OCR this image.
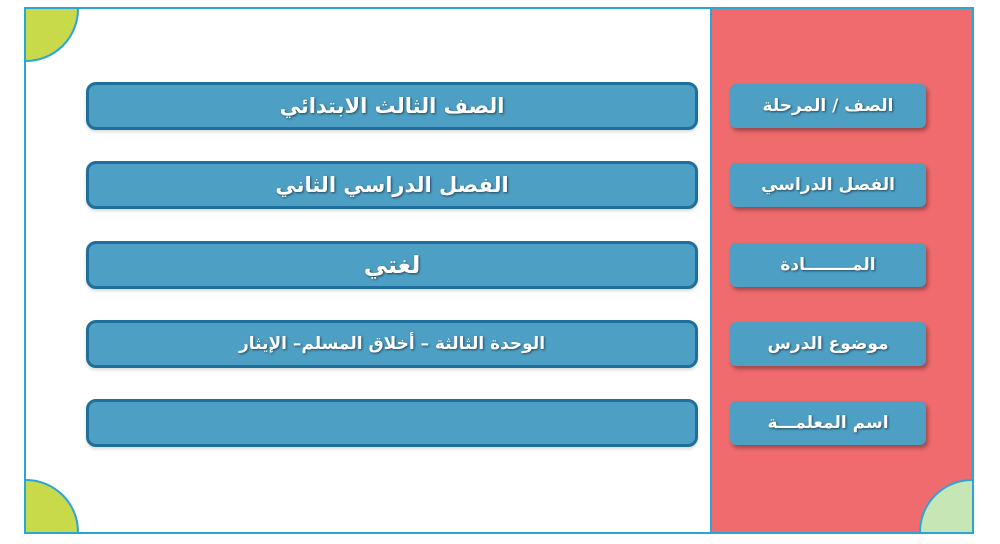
الصف الثالث الابتدائي
الفصل الدراسي الثاني
لغتي
الوحدة الثالثة – أخلاق المسلم– الإيثار
الصف / المرحلة
الفصل الدراسي
المــــــــادة
موضوع الدرس
اسم المعلمـــة
